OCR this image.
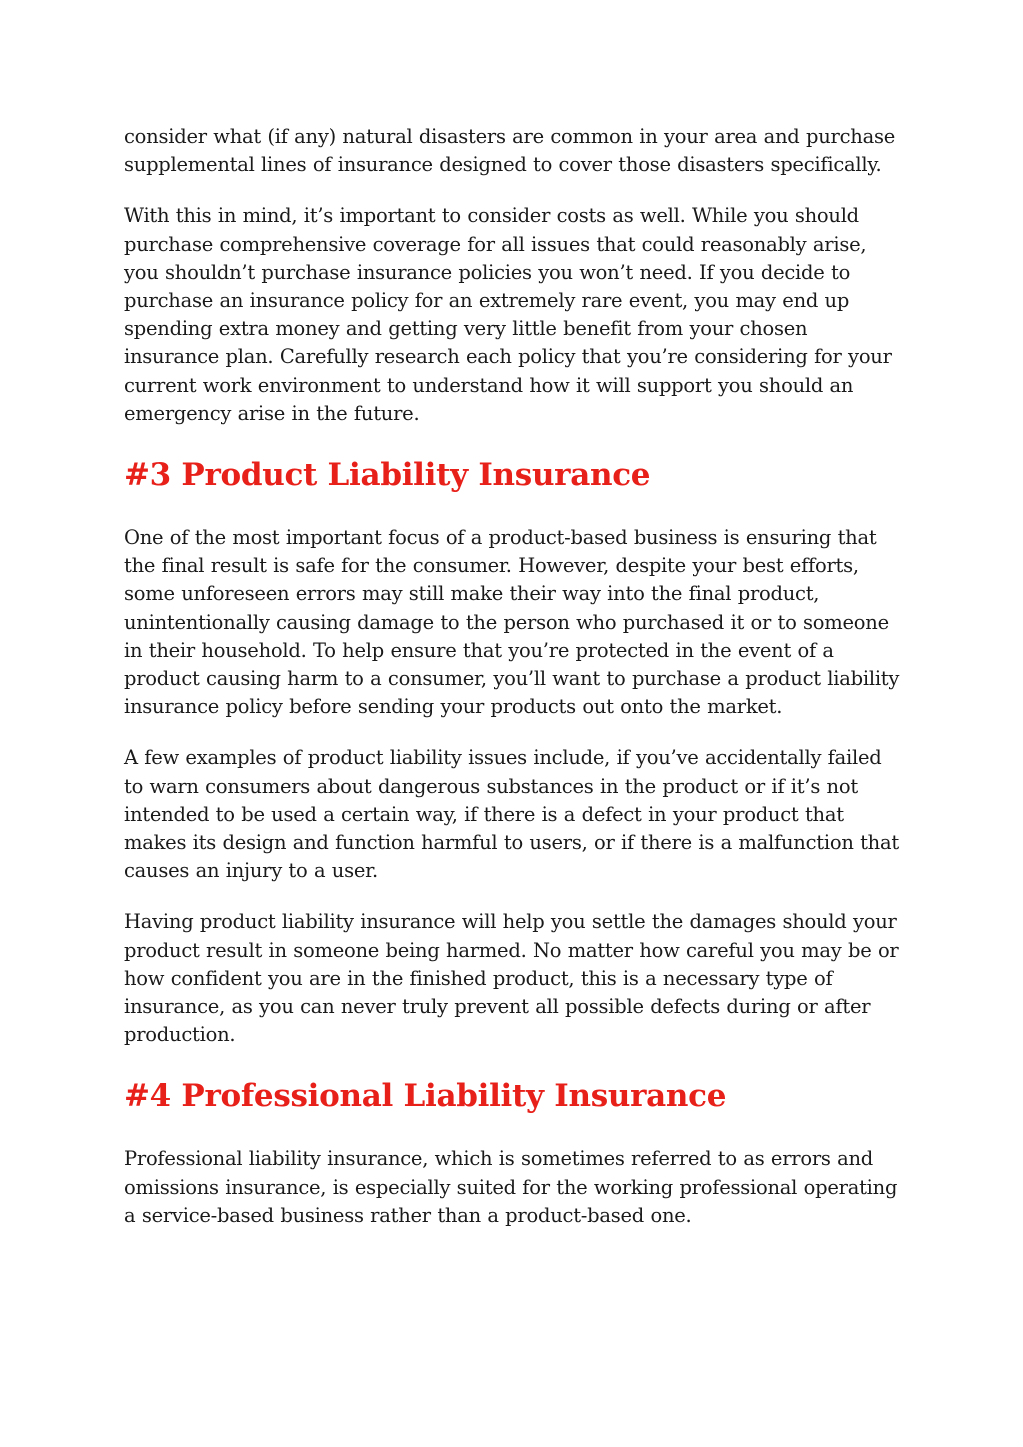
consider what (if any) natural disasters are common in your area and purchase supplemental lines of insurance designed to cover those disasters specifically.

With this in mind, it’s important to consider costs as well. While you should purchase comprehensive coverage for all issues that could reasonably arise, you shouldn’t purchase insurance policies you won’t need. If you decide to purchase an insurance policy for an extremely rare event, you may end up spending extra money and getting very little benefit from your chosen insurance plan. Carefully research each policy that you’re considering for your current work environment to understand how it will support you should an emergency arise in the future.

#3 Product Liability Insurance

One of the most important focus of a product-based business is ensuring that the final result is safe for the consumer. However, despite your best efforts, some unforeseen errors may still make their way into the final product, unintentionally causing damage to the person who purchased it or to someone in their household. To help ensure that you’re protected in the event of a product causing harm to a consumer, you’ll want to purchase a product liability insurance policy before sending your products out onto the market.

A few examples of product liability issues include, if you’ve accidentally failed to warn consumers about dangerous substances in the product or if it’s not intended to be used a certain way, if there is a defect in your product that makes its design and function harmful to users, or if there is a malfunction that causes an injury to a user.

Having product liability insurance will help you settle the damages should your product result in someone being harmed. No matter how careful you may be or how confident you are in the finished product, this is a necessary type of insurance, as you can never truly prevent all possible defects during or after production.

#4 Professional Liability Insurance

Professional liability insurance, which is sometimes referred to as errors and omissions insurance, is especially suited for the working professional operating a service-based business rather than a product-based one.
